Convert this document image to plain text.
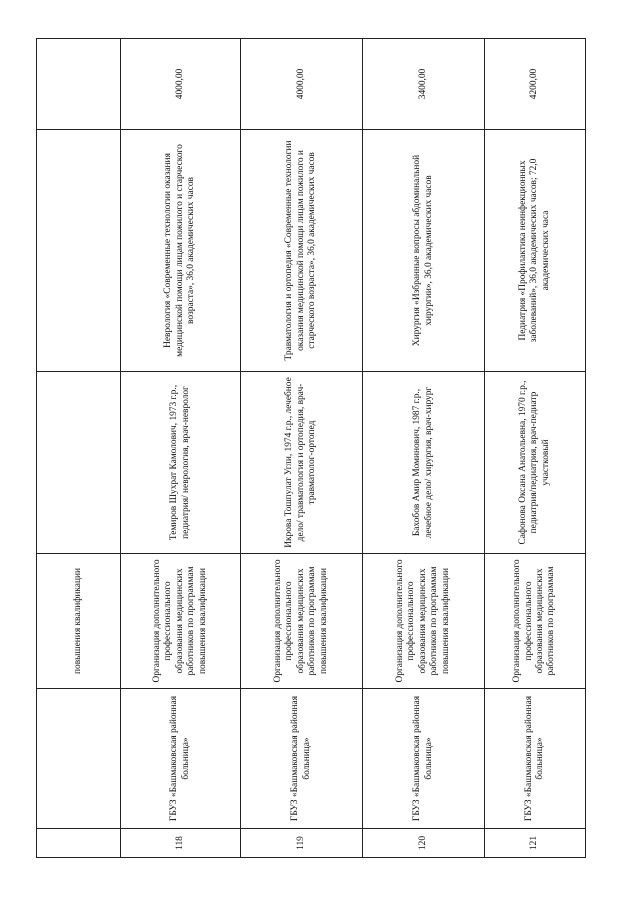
		повышения квалификации			
118	ГБУЗ «Башмаковская районная больница»	Организация дополнительного профессионального образования медицинских работников по программам повышения квалификации	Темиров Шухрат Камолович, 1973 г.р., педиатрия/ неврология, врач-невролог	Неврология «Современные технологии оказания медицинской помощи лицам пожилого и старческого возраста», 36,0 академических часов	4000,00
119	ГБУЗ «Башмаковская районная больница»	Организация дополнительного профессионального образования медицинских работников по программам повышения квалификации	Икрова Тошпулат Угли, 1974 г.р., лечебное дело/ травматология и ортопедия, врач-травматолог-ортопед	Травматология и ортопедия «Современные технологии оказания медицинской помощи лицам пожилого и старческого возраста», 36,0 академических часов	4000,00
120	ГБУЗ «Башмаковская районная больница»	Организация дополнительного профессионального образования медицинских работников по программам повышения квалификации	Бахобов Амир Моминович, 1987 г.р., лечебное дело/ хирургия, врач-хирург	Хирургия «Избранные вопросы абдоминальной хирургии», 36,0 академических часов	3400,00
121	ГБУЗ «Башмаковская районная больница»	Организация дополнительного профессионального образования медицинских работников по программам	Сафонова Оксана Анатольевна, 1970 г.р., педиатрия/педиатрия, врач-педиатр участковый	Педиатрия «Профилактика неинфекционных заболеваний», 36,0 академических часов; 72,0 академических часа	4200,00
